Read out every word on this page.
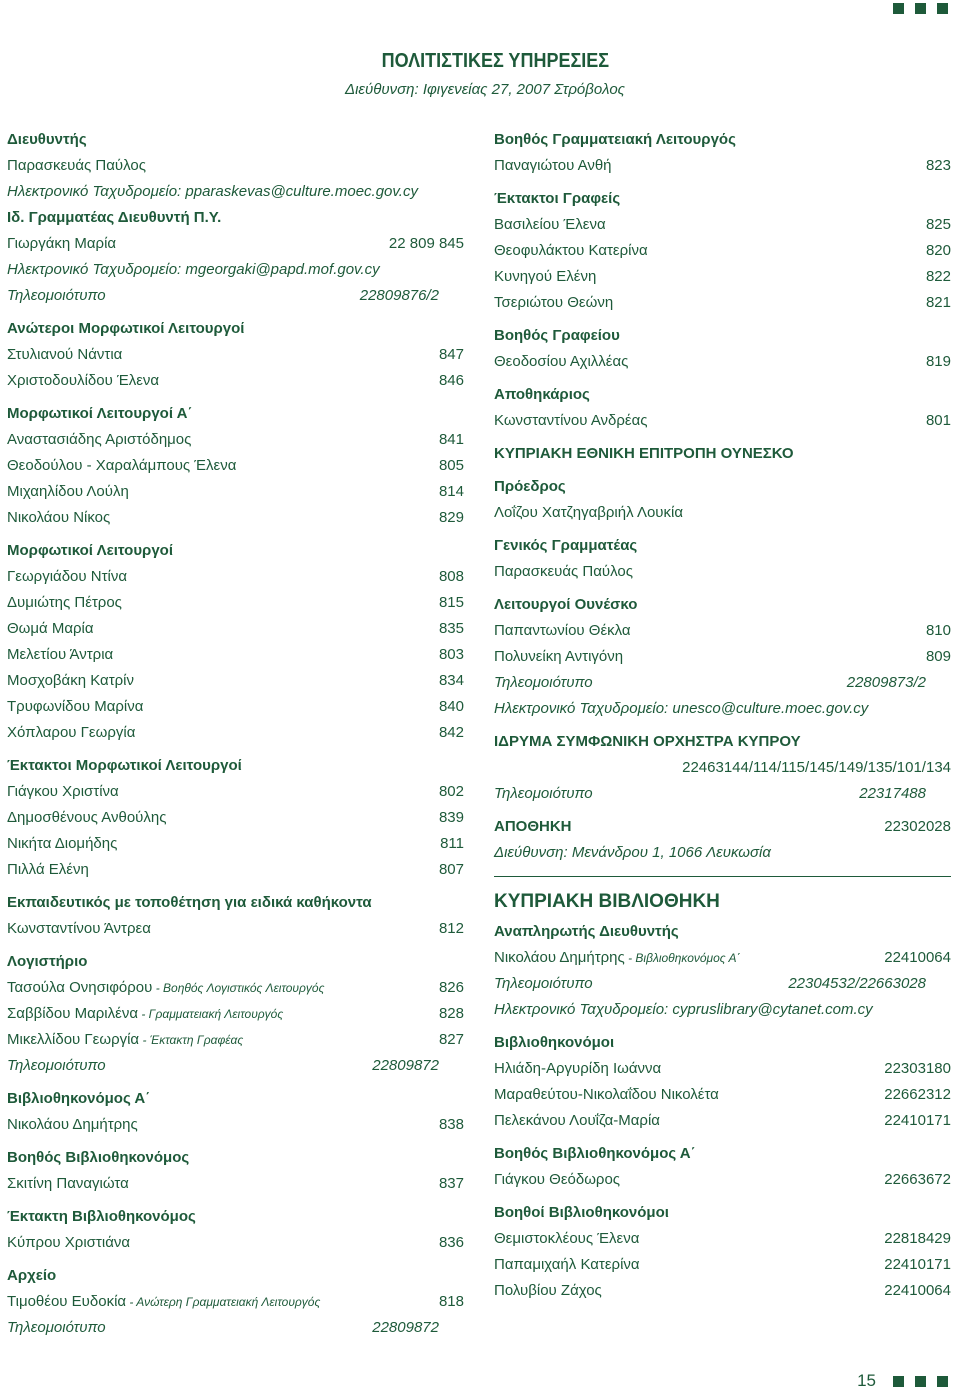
ΠΟΛΙΤΙΣΤΙΚΕΣ ΥΠΗΡΕΣΙΕΣ
Διεύθυνση: Ιφιγενείας 27, 2007 Στρόβολος
Διευθυντής
Παρασκευάς Παύλος
Ηλεκτρονικό Ταχυδρομείο: pparaskevas@culture.moec.gov.cy
Ιδ. Γραμματέας Διευθυντή Π.Υ.
Γιωργάκη Μαρία	22 809 845
Ηλεκτρονικό Ταχυδρομείο: mgeorgaki@papd.mof.gov.cy
Τηλεομοιότυπο	22809876/2
Ανώτεροι Μορφωτικοί Λειτουργοί
Στυλιανού Νάντια	847
Χριστοδουλίδου Έλενα	846
Μορφωτικοί Λειτουργοί Α΄
Αναστασιάδης Αριστόδημος	841
Θεοδούλου - Χαραλάμπους Έλενα	805
Μιχαηλίδου Λούλη	814
Νικολάου Νίκος	829
Μορφωτικοί Λειτουργοί
Γεωργιάδου Ντίνα	808
Δυμιώτης Πέτρος	815
Θωμά Μαρία	835
Μελετίου Άντρια	803
Μοσχοβάκη Κατρίν	834
Τρυφωνίδου Μαρίνα	840
Χόπλαρου Γεωργία	842
Έκτακτοι Μορφωτικοί Λειτουργοί
Γιάγκου Χριστίνα	802
Δημοσθένους Ανθούλης	839
Νικήτα Διομήδης	811
Πιλλά Ελένη	807
Εκπαιδευτικός με τοποθέτηση για ειδικά καθήκοντα
Κωνσταντίνου Άντρεα	812
Λογιστήριο
Τασούλα Ονησιφόρου - Βοηθός Λογιστικός Λειτουργός	826
Σαββίδου Μαριλένα - Γραμματειακή Λειτουργός	828
Μικελλίδου Γεωργία - Έκτακτη Γραφέας	827
Τηλεομοιότυπο	22809872
Βιβλιοθηκονόμος Α΄
Νικολάου Δημήτρης	838
Βοηθός Βιβλιοθηκονόμος
Σκιτίνη Παναγιώτα	837
Έκτακτη Βιβλιοθηκονόμος
Κύπρου Χριστιάνα	836
Αρχείο
Τιμοθέου Ευδοκία - Ανώτερη Γραμματειακή Λειτουργός	818
Τηλεομοιότυπο	22809872
Βοηθός Γραμματειακή Λειτουργός
Παναγιώτου Ανθή	823
Έκτακτοι Γραφείς
Βασιλείου Έλενα	825
Θεοφυλάκτου Κατερίνα	820
Κυνηγού Ελένη	822
Τσεριώτου Θεώνη	821
Βοηθός Γραφείου
Θεοδοσίου Αχιλλέας	819
Αποθηκάριος
Κωνσταντίνου Ανδρέας	801
ΚΥΠΡΙΑΚΗ ΕΘΝΙΚΗ ΕΠΙΤΡΟΠΗ ΟΥΝΕΣΚΟ
Πρόεδρος
Λοΐζου Χατζηγαβριήλ Λουκία
Γενικός Γραμματέας
Παρασκευάς Παύλος
Λειτουργοί Ουνέσκο
Παπαντωνίου Θέκλα	810
Πολυνείκη Αντιγόνη	809
Τηλεομοιότυπο	22809873/2
Ηλεκτρονικό Ταχυδρομείο: unesco@culture.moec.gov.cy
ΙΔΡΥΜΑ ΣΥΜΦΩΝΙΚΗ ΟΡΧΗΣΤΡΑ ΚΥΠΡΟΥ
22463144/114/115/145/149/135/101/134
Τηλεομοιότυπο	22317488
ΑΠΟΘΗΚΗ	22302028
Διεύθυνση: Μενάνδρου 1, 1066 Λευκωσία
ΚΥΠΡΙΑΚΗ ΒΙΒΛΙΟΘΗΚΗ
Αναπληρωτής Διευθυντής
Νικολάου Δημήτρης - Βιβλιοθηκονόμος Α΄	22410064
Τηλεομοιότυπο	22304532/22663028
Ηλεκτρονικό Ταχυδρομείο: cypruslibrary@cytanet.com.cy
Βιβλιοθηκονόμοι
Ηλιάδη-Αργυρίδη Ιωάννα	22303180
Μαραθεύτου-Νικολαΐδου Νικολέτα	22662312
Πελεκάνου Λουΐζα-Μαρία	22410171
Βοηθός Βιβλιοθηκονόμος Α΄
Γιάγκου Θεόδωρος	22663672
Βοηθοί Βιβλιοθηκονόμοι
Θεμιστοκλέους Έλενα	22818429
Παπαμιχαήλ Κατερίνα	22410171
Πολυβίου Ζάχος	22410064
15
